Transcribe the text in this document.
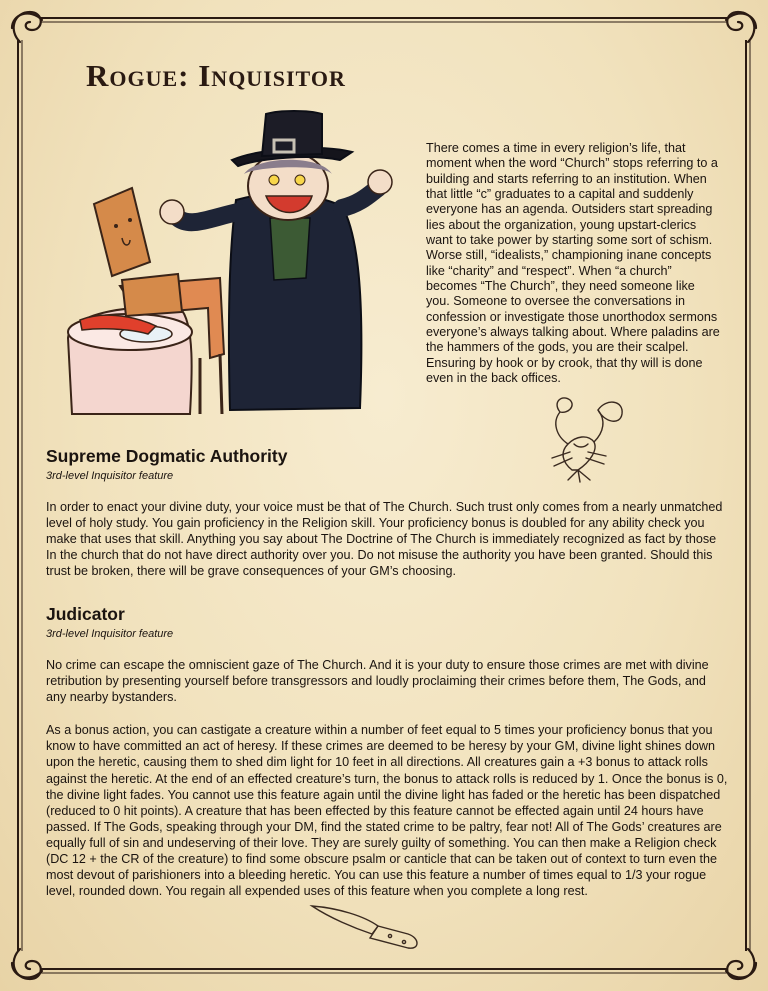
Rogue: Inquisitor

There comes a time in every religion’s life, that moment when the word “Church” stops referring to a building and starts referring to an institution. When that little “c” graduates to a capital and suddenly everyone has an agenda. Outsiders start spreading lies about the organization, young upstart-clerics want to take power by starting some sort of schism. Worse still, “idealists,” championing inane concepts like “charity” and “respect”. When “a church” becomes “The Church”, they need someone like you. Someone to oversee the conversations in confession or investigate those unorthodox sermons everyone’s always talking about. Where paladins are the hammers of the gods, you are their scalpel. Ensuring by hook or by crook, that thy will is done even in the back offices.

Supreme Dogmatic Authority

3rd-level Inquisitor feature

In order to enact your divine duty, your voice must be that of The Church. Such trust only comes from a nearly unmatched level of holy study. You gain proficiency in the Religion skill. Your proficiency bonus is doubled for any ability check you make that uses that skill. Anything you say about The Doctrine of The Church is immediately recognized as fact by those In the church that do not have direct authority over you. Do not misuse the authority you have been granted. Should this trust be broken, there will be grave consequences of your GM’s choosing.

Judicator

3rd-level Inquisitor feature

No crime can escape the omniscient gaze of The Church. And it is your duty to ensure those crimes are met with divine retribution by presenting yourself before transgressors and loudly proclaiming their crimes before them, The Gods, and any nearby bystanders.

As a bonus action, you can castigate a creature within a number of feet equal to 5 times your proficiency bonus that you know to have committed an act of heresy. If these crimes are deemed to be heresy by your GM, divine light shines down upon the heretic, causing them to shed dim light for 10 feet in all directions. All creatures gain a +3 bonus to attack rolls against the heretic. At the end of an effected creature’s turn, the bonus to attack rolls is reduced by 1. Once the bonus is 0, the divine light fades. You cannot use this feature again until the divine light has faded or the heretic has been dispatched (reduced to 0 hit points). A creature that has been effected by this feature cannot be effected again until 24 hours have passed. If The Gods, speaking through your DM, find the stated crime to be paltry, fear not! All of The Gods’ creatures are equally full of sin and undeserving of their love. They are surely guilty of something. You can then make a Religion check (DC 12 + the CR of the creature) to find some obscure psalm or canticle that can be taken out of context to turn even the most devout of parishioners into a bleeding heretic. You can use this feature a number of times equal to 1/3 your rogue level, rounded down. You regain all expended uses of this feature when you complete a long rest.
